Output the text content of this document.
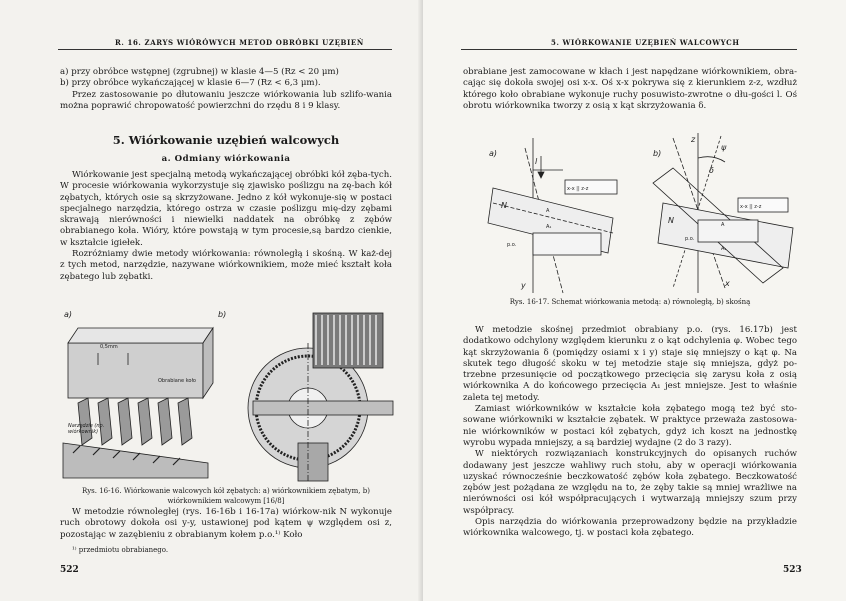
R. 16. ZARYS WIÓRÓWYCH METOD OBRÓBKI UZĘBIEŃ

a) przy obróbce wstępnej (zgrubnej) w klasie 4—5 (Rz < 20 μm)

b) przy obróbce wykańczającej w klasie 6—7 (Rz < 6,3 μm).

Przez zastosowanie po dłutowaniu jeszcze wiórkowania lub szlifo-wania można poprawić chropowatość powierzchni do rzędu 8 i 9 klasy.

5. Wiórkowanie uzębień walcowych
a. Odmiany wiórkowania

Wiórkowanie jest specjalną metodą wykańczającej obróbki kół zęba-tych. W procesie wiórkowania wykorzystuje się zjawisko poślizgu na zę-bach kół zębatych, których osie są skrzyżowane. Jedno z kół wykonuje-się w postaci specjalnego narzędzia, którego ostrza w czasie poślizgu mię-dzy zębami skrawają nierówności i niewielki naddatek na obróbkę z zębów obrabianego koła. Wióry, które powstają w tym procesie,są bardzo cienkie, w kształcie igiełek.

Rozróżniamy dwie metody wiórkowania: równoległą i skośną. W każ-dej z tych metod, narzędzie, nazywane wiórkownikiem, może mieć kształt koła zębatego lub zębatki.

a)	b)
0,5mm
Obrabiane koło
Narzędzie (np. wiórkownik)
Rys. 16-16. Wiórkowanie walcowych kół zębatych: a) wiórkownikiem zębatym, b) wiórkownikiem walcowym [16/8]

W metodzie równoległej (rys. 16-16b i 16-17a) wiórkow-nik N wykonuje ruch obrotowy dokoła osi y-y, ustawionej pod kątem ψ względem osi z, pozostając w zazębieniu z obrabianym kołem p.o.¹⁾ Koło

¹⁾ przedmiotu obrabianego.
522
5. WIÓRKOWANIE UZĘBIEŃ WALCOWYCH

obrabiane jest zamocowane w kłach i jest napędzane wiórkownikiem, obra-cając się dokoła swojej osi x-x. Oś x-x pokrywa się z kierunkiem z-z, wzdłuż którego koło obrabiane wykonuje ruchy posuwisto-zwrotne o dłu-gości l. Oś obrotu wiórkownika tworzy z osią x kąt skrzyżowania δ.

a)	b)
N
A
A₁
p.o.
l
x-x || z-z
y
N	A
A₁
p.o.
x-x || z-z
ψ
δ
z
x
Rys. 16-17. Schemat wiórkowania metodą: a) równoległą, b) skośną

W metodzie skośnej przedmiot obrabiany p.o. (rys. 16.17b) jest dodatkowo odchylony względem kierunku z o kąt odchylenia φ. Wobec tego kąt skrzyżowania δ (pomiędzy osiami x i y) staje się mniejszy o kąt φ. Na skutek tego długość skoku w tej metodzie staje się mniejsza, gdyż po-trzebne przesunięcie od początkowego przecięcia się zarysu koła z osią wiórkownika A do końcowego przecięcia A₁ jest mniejsze. Jest to właśnie zaleta tej metody.

Zamiast wiórkowników w kształcie koła zębatego mogą też być sto-sowane wiórkowniki w kształcie zębatek. W praktyce przeważa zastosowa-nie wiórkowników w postaci kół zębatych, gdyż ich koszt na jednostkę wyrobu wypada mniejszy, a są bardziej wydajne (2 do 3 razy).

W niektórych rozwiązaniach konstrukcyjnych do opisanych ruchów dodawany jest jeszcze wahliwy ruch stołu, aby w operacji wiórkowania uzyskać równocześnie beczkowatość zębów koła zębatego. Beczkowatość zębów jest pożądana ze względu na to, że zęby takie są mniej wrażliwe na nierówności osi kół współpracujących i wytwarzają mniejszy szum przy współpracy.

Opis narzędzia do wiórkowania przeprowadzony będzie na przykładzie wiórkownika walcowego, tj. w postaci koła zębatego.

523
